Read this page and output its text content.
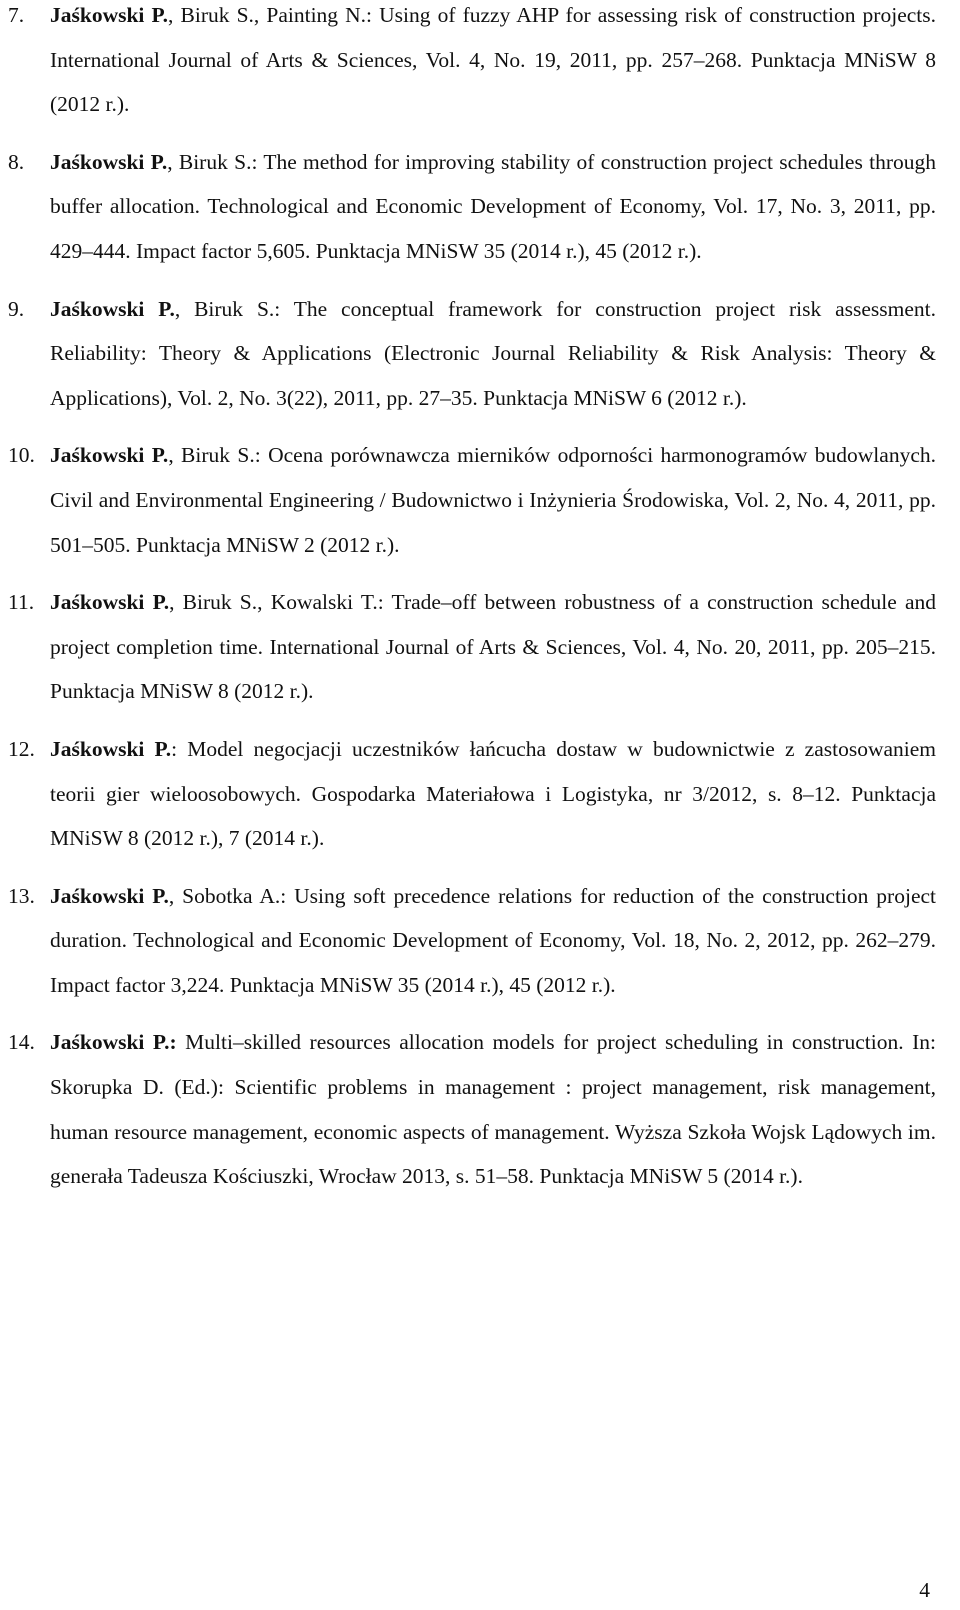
7.	Jaśkowski P., Biruk S., Painting N.: Using of fuzzy AHP for assessing risk of construction projects. International Journal of Arts & Sciences, Vol. 4, No. 19, 2011, pp. 257–268. Punktacja MNiSW 8 (2012 r.).
8.	Jaśkowski P., Biruk S.: The method for improving stability of construction project schedules through buffer allocation. Technological and Economic Development of Economy, Vol. 17, No. 3, 2011, pp. 429–444. Impact factor 5,605. Punktacja MNiSW 35 (2014 r.), 45 (2012 r.).
9.	Jaśkowski P., Biruk S.: The conceptual framework for construction project risk assessment. Reliability: Theory & Applications (Electronic Journal Reliability & Risk Analysis: Theory & Applications), Vol. 2, No. 3(22), 2011, pp. 27–35. Punktacja MNiSW 6 (2012 r.).
10. Jaśkowski P., Biruk S.: Ocena porównawcza mierników odporności harmonogramów budowlanych. Civil and Environmental Engineering / Budownictwo i Inżynieria Środowiska, Vol. 2, No. 4, 2011, pp. 501–505. Punktacja MNiSW 2 (2012 r.).
11. Jaśkowski P., Biruk S., Kowalski T.: Trade–off between robustness of a construction schedule and project completion time. International Journal of Arts & Sciences, Vol. 4, No. 20, 2011, pp. 205–215. Punktacja MNiSW 8 (2012 r.).
12. Jaśkowski P.: Model negocjacji uczestników łańcucha dostaw w budownictwie z zastosowaniem teorii gier wieloosobowych. Gospodarka Materiałowa i Logistyka, nr 3/2012, s. 8–12. Punktacja MNiSW 8 (2012 r.), 7 (2014 r.).
13. Jaśkowski P., Sobotka A.: Using soft precedence relations for reduction of the construction project duration. Technological and Economic Development of Economy, Vol. 18, No. 2, 2012, pp. 262–279. Impact factor 3,224. Punktacja MNiSW 35 (2014 r.), 45 (2012 r.).
14. Jaśkowski P.: Multi–skilled resources allocation models for project scheduling in construction. In: Skorupka D. (Ed.): Scientific problems in management : project management, risk management, human resource management, economic aspects of management. Wyższa Szkoła Wojsk Lądowych im. generała Tadeusza Kościuszki, Wrocław 2013, s. 51–58. Punktacja MNiSW 5 (2014 r.).
4
